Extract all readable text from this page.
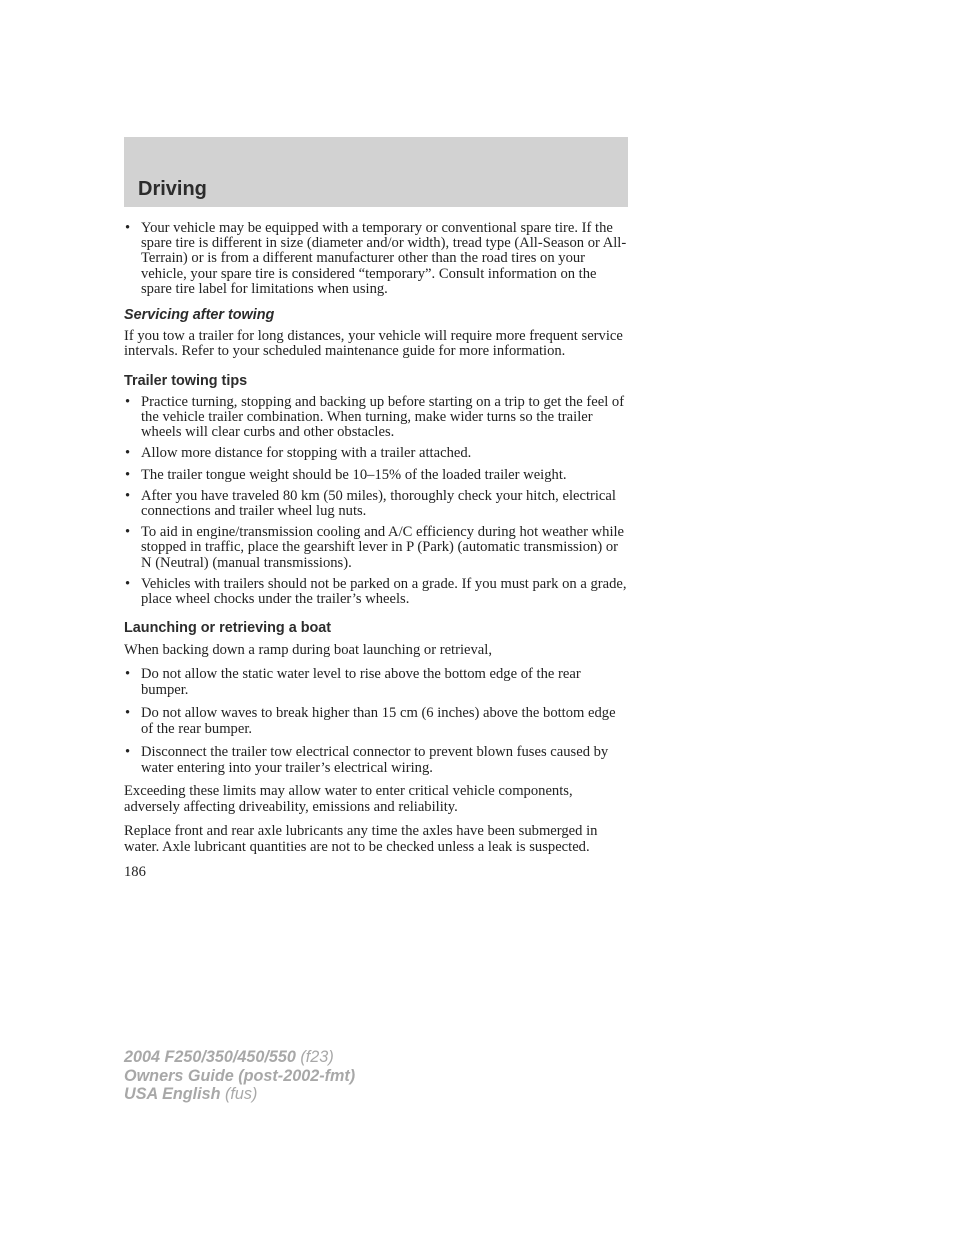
Driving
• Your vehicle may be equipped with a temporary or conventional spare tire. If the spare tire is different in size (diameter and/or width), tread type (All-Season or All-Terrain) or is from a different manufacturer other than the road tires on your vehicle, your spare tire is considered “temporary”. Consult information on the spare tire label for limitations when using.
Servicing after towing
If you tow a trailer for long distances, your vehicle will require more frequent service intervals. Refer to your scheduled maintenance guide for more information.
Trailer towing tips
• Practice turning, stopping and backing up before starting on a trip to get the feel of the vehicle trailer combination. When turning, make wider turns so the trailer wheels will clear curbs and other obstacles.
• Allow more distance for stopping with a trailer attached.
• The trailer tongue weight should be 10–15% of the loaded trailer weight.
• After you have traveled 80 km (50 miles), thoroughly check your hitch, electrical connections and trailer wheel lug nuts.
• To aid in engine/transmission cooling and A/C efficiency during hot weather while stopped in traffic, place the gearshift lever in P (Park) (automatic transmission) or N (Neutral) (manual transmissions).
• Vehicles with trailers should not be parked on a grade. If you must park on a grade, place wheel chocks under the trailer’s wheels.
Launching or retrieving a boat
When backing down a ramp during boat launching or retrieval,
• Do not allow the static water level to rise above the bottom edge of the rear bumper.
• Do not allow waves to break higher than 15 cm (6 inches) above the bottom edge of the rear bumper.
• Disconnect the trailer tow electrical connector to prevent blown fuses caused by water entering into your trailer’s electrical wiring.
Exceeding these limits may allow water to enter critical vehicle components, adversely affecting driveability, emissions and reliability.
Replace front and rear axle lubricants any time the axles have been submerged in water. Axle lubricant quantities are not to be checked unless a leak is suspected.
186
2004 F250/350/450/550 (f23)
Owners Guide (post-2002-fmt)
USA English (fus)
